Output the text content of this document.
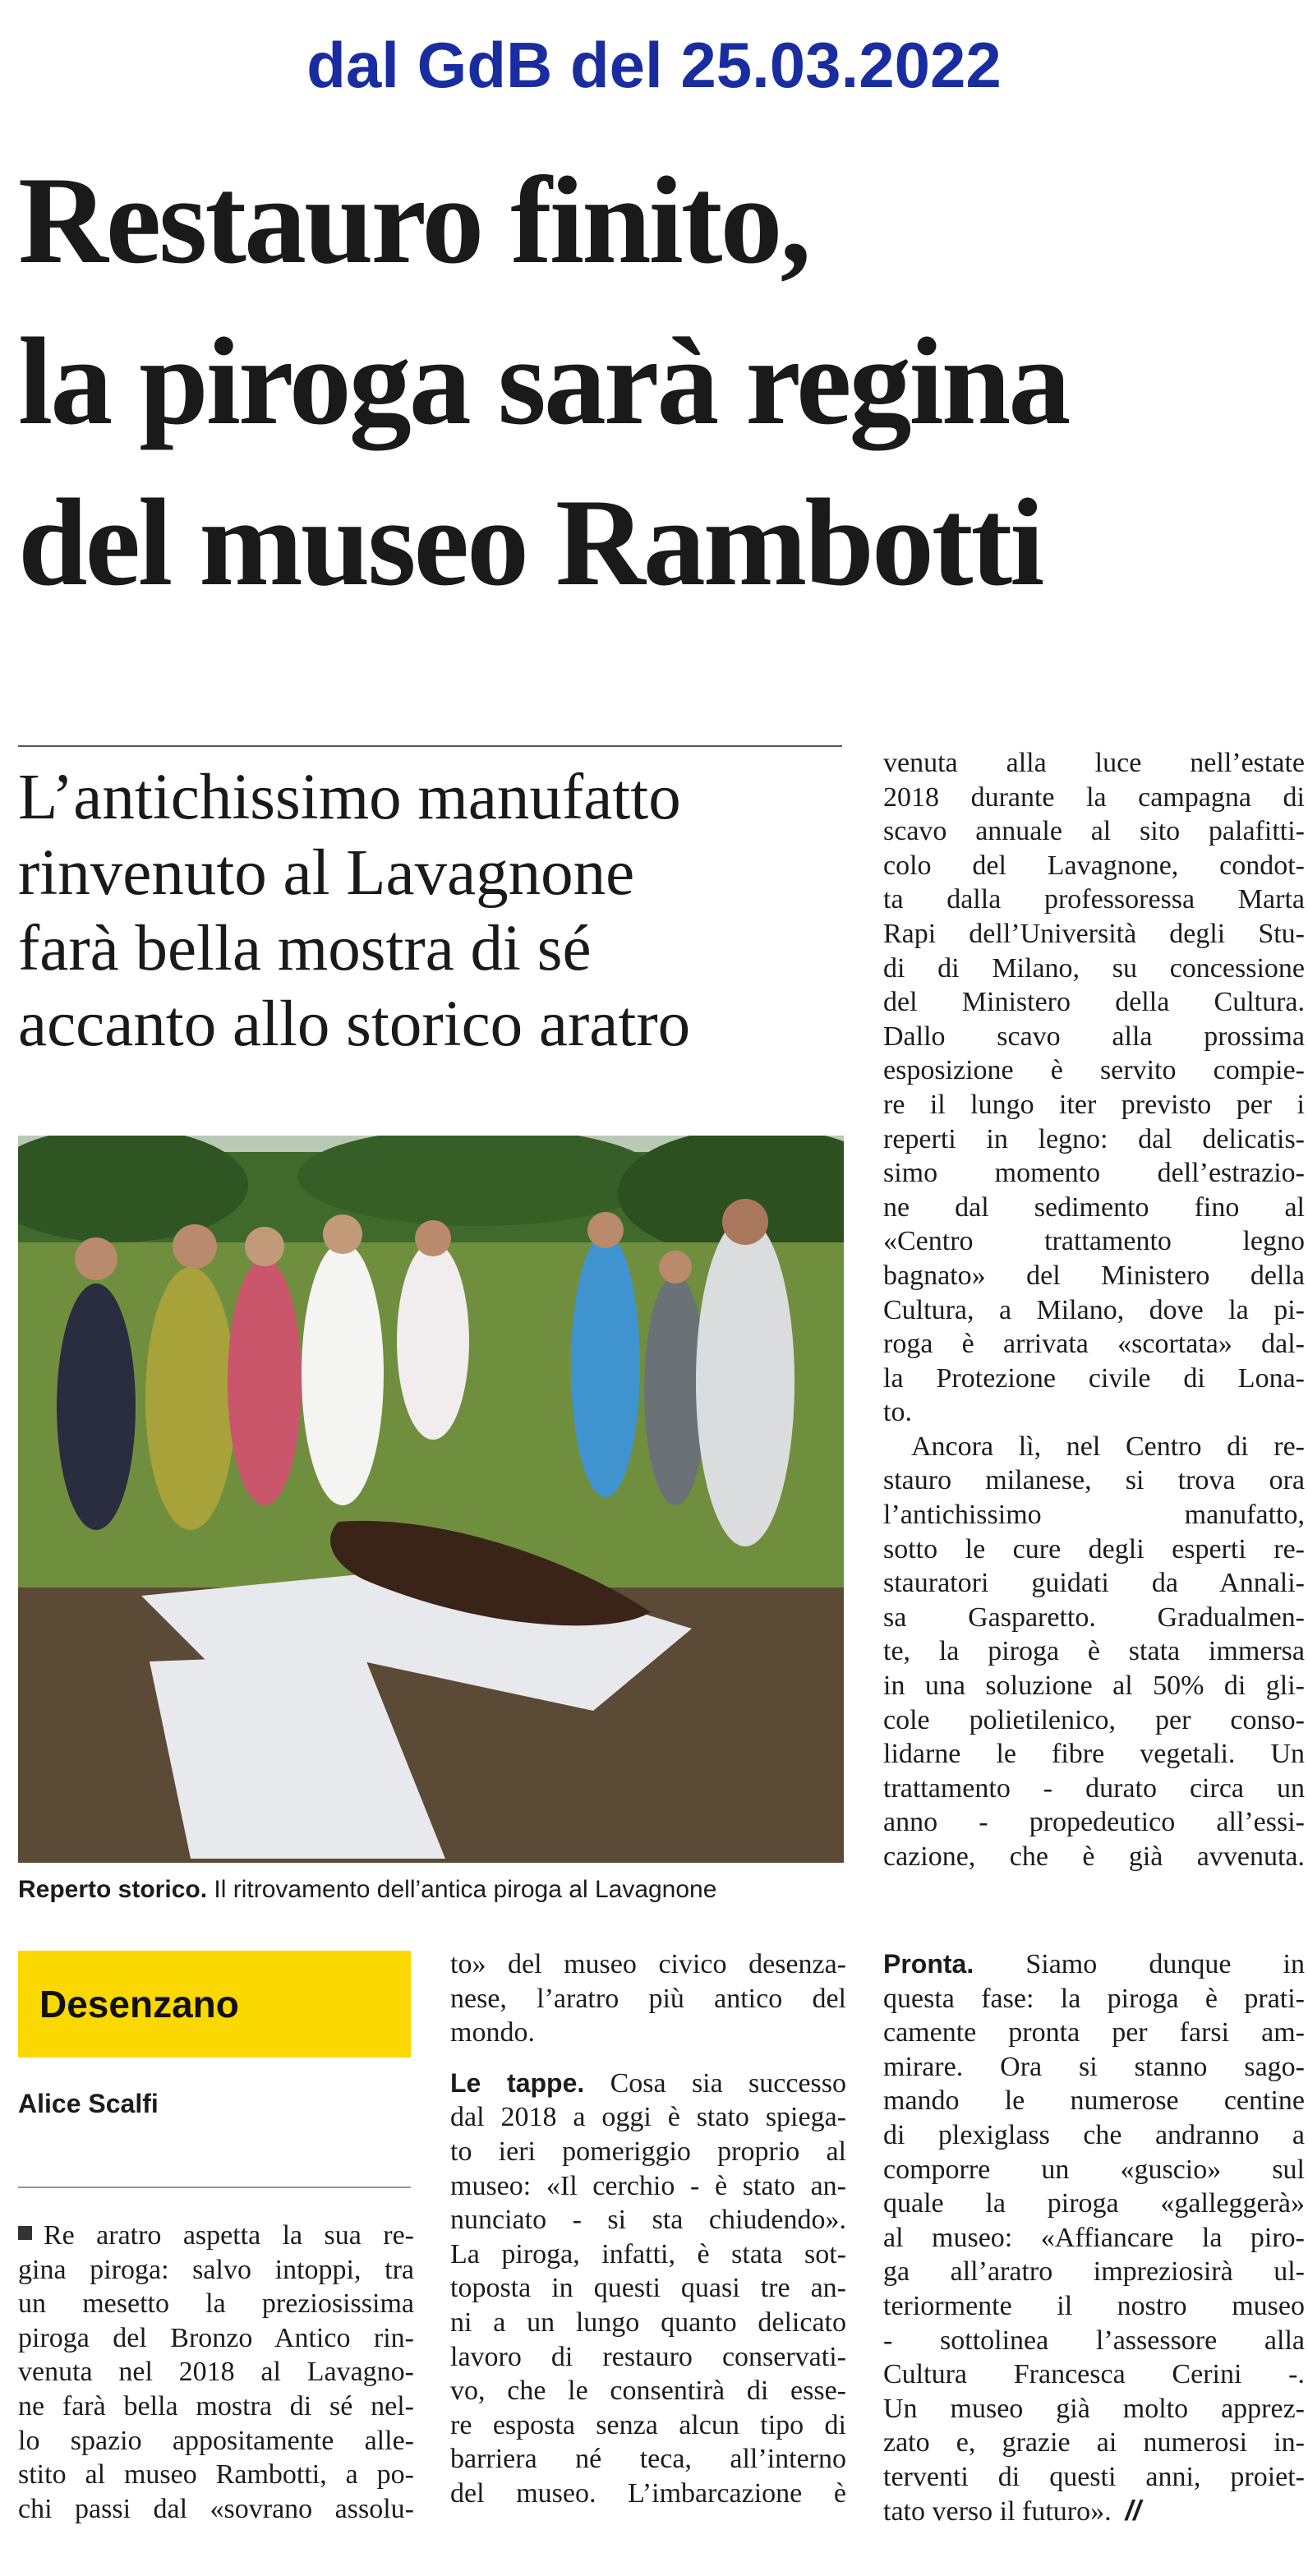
dal GdB del 25.03.2022
Restauro finito,
la piroga sarà regina
del museo Rambotti
L’antichissimo manufatto
rinvenuto al Lavagnone
farà bella mostra di sé
accanto allo storico aratro
Reperto storico. Il ritrovamento dell’antica piroga al Lavagnone
Desenzano
Alice Scalfi
venuta alla luce nell’estate
2018 durante la campagna di
scavo annuale al sito palafitti-
colo del Lavagnone, condot-
ta dalla professoressa Marta
Rapi dell’Università degli Stu-
di di Milano, su concessione
del Ministero della Cultura.
Dallo scavo alla prossima
esposizione è servito compie-
re il lungo iter previsto per i
reperti in legno: dal delicatis-
simo momento dell’estrazio-
ne dal sedimento fino al
«Centro trattamento legno
bagnato» del Ministero della
Cultura, a Milano, dove la pi-
roga è arrivata «scortata» dal-
la Protezione civile di Lona-
to.
Ancora lì, nel Centro di re-
stauro milanese, si trova ora
l’antichissimo manufatto,
sotto le cure degli esperti re-
stauratori guidati da Annali-
sa Gasparetto. Gradualmen-
te, la piroga è stata immersa
in una soluzione al 50% di gli-
cole polietilenico, per conso-
lidarne le fibre vegetali. Un
trattamento - durato circa un
anno - propedeutico all’essi-
cazione, che è già avvenuta.
Re aratro aspetta la sua re-
gina piroga: salvo intoppi, tra
un mesetto la preziosissima
piroga del Bronzo Antico rin-
venuta nel 2018 al Lavagno-
ne farà bella mostra di sé nel-
lo spazio appositamente alle-
stito al museo Rambotti, a po-
chi passi dal «sovrano assolu-
to» del museo civico desenza-
nese, l’aratro più antico del
mondo.
Le tappe. Cosa sia successo
dal 2018 a oggi è stato spiega-
to ieri pomeriggio proprio al
museo: «Il cerchio - è stato an-
nunciato - si sta chiudendo».
La piroga, infatti, è stata sot-
toposta in questi quasi tre an-
ni a un lungo quanto delicato
lavoro di restauro conservati-
vo, che le consentirà di esse-
re esposta senza alcun tipo di
barriera né teca, all’interno
del museo. L’imbarcazione è
Pronta. Siamo dunque in
questa fase: la piroga è prati-
camente pronta per farsi am-
mirare. Ora si stanno sago-
mando le numerose centine
di plexiglass che andranno a
comporre un «guscio» sul
quale la piroga «galleggerà»
al museo: «Affiancare la piro-
ga all’aratro impreziosirà ul-
teriormente il nostro museo
- sottolinea l’assessore alla
Cultura Francesca Cerini -.
Un museo già molto apprez-
zato e, grazie ai numerosi in-
terventi di questi anni, proiet-
tato verso il futuro». //
